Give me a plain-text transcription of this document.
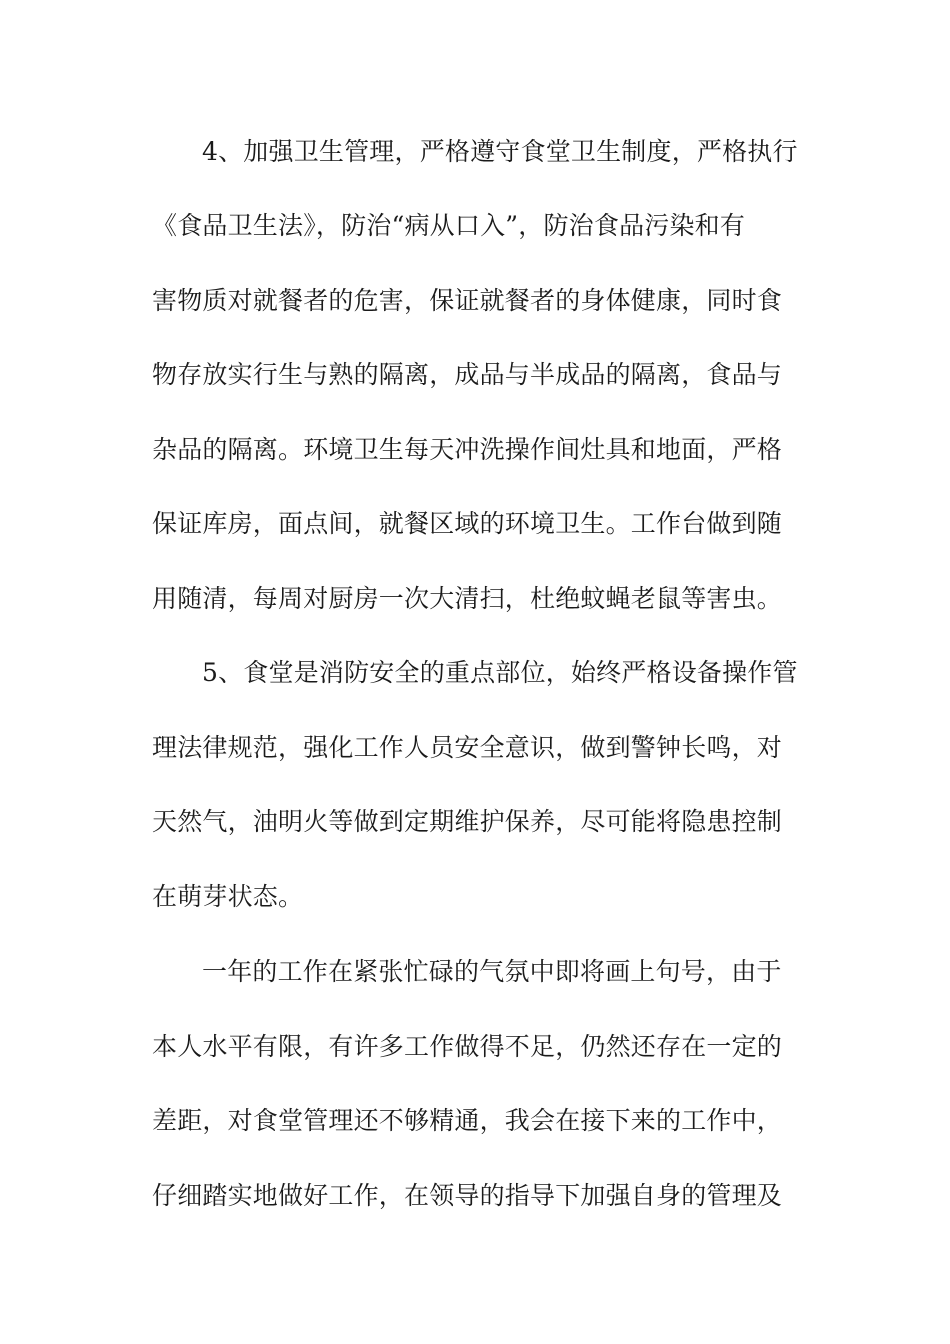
4、加强卫生管理，严格遵守食堂卫生制度，严格执行
《食品卫生法》，防治“病从口入”，防治食品污染和有
害物质对就餐者的危害，保证就餐者的身体健康，同时食
物存放实行生与熟的隔离，成品与半成品的隔离，食品与
杂品的隔离。环境卫生每天冲洗操作间灶具和地面，严格
保证库房，面点间，就餐区域的环境卫生。工作台做到随
用随清，每周对厨房一次大清扫，杜绝蚊蝇老鼠等害虫。
5、食堂是消防安全的重点部位，始终严格设备操作管
理法律规范，强化工作人员安全意识，做到警钟长鸣，对
天然气，油明火等做到定期维护保养，尽可能将隐患控制
在萌芽状态。
一年的工作在紧张忙碌的气氛中即将画上句号，由于
本人水平有限，有许多工作做得不足，仍然还存在一定的
差距，对食堂管理还不够精通，我会在接下来的工作中，
仔细踏实地做好工作，在领导的指导下加强自身的管理及
